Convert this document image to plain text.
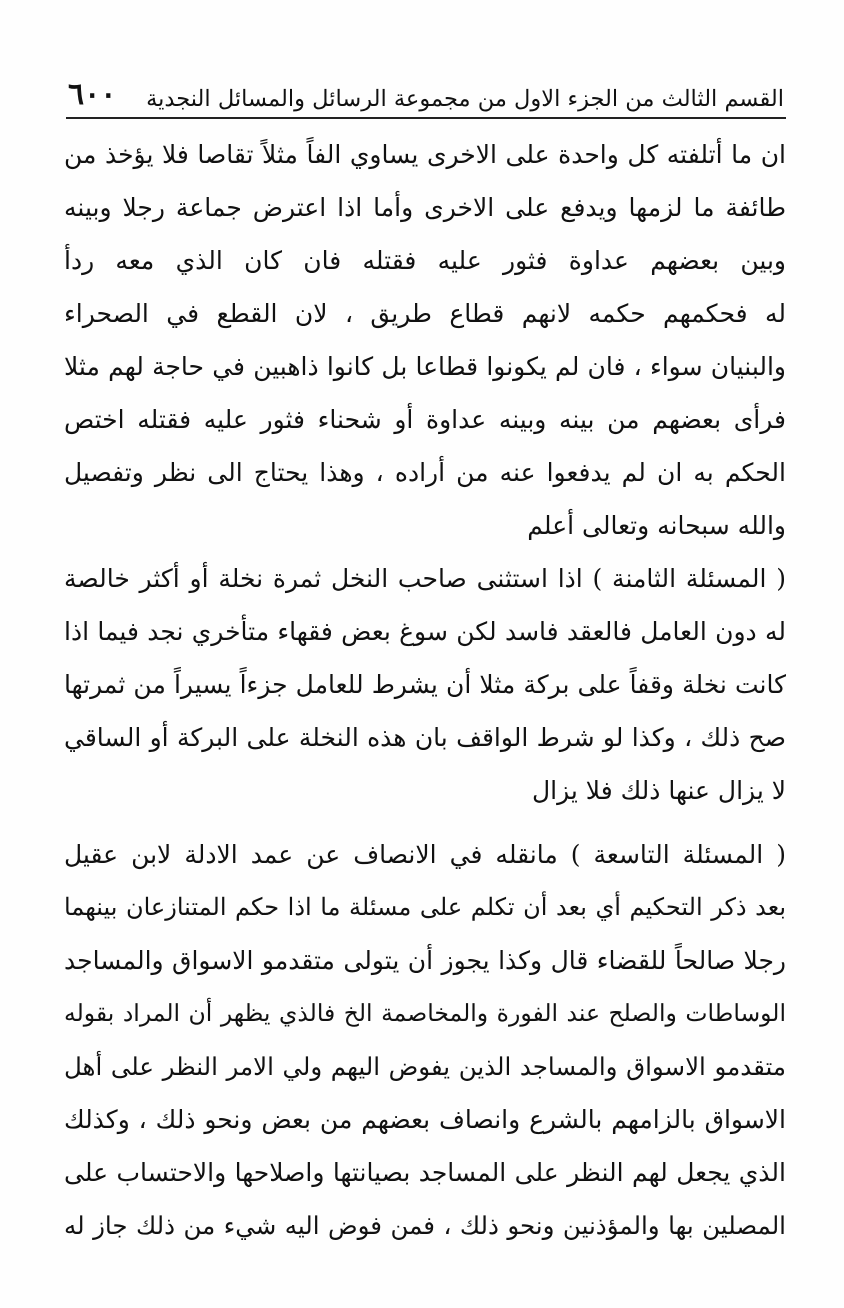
القسم الثالث من الجزء الاول من مجموعة الرسائل والمسائل النجدية
٦٠٠
ان ما أتلفته كل واحدة على الاخرى يساوي الفاً مثلاً تقاصا فلا يؤخذ من
طائفة ما لزمها ويدفع على الاخرى وأما اذا اعترض جماعة رجلا وبينه
وبين بعضهم عداوة فثور عليه فقتله فان كان الذي معه ردأ
له فحكمهم حكمه لانهم قطاع طريق ، لان القطع في الصحراء
والبنيان سواء ، فان لم يكونوا قطاعا بل كانوا ذاهبين في حاجة لهم مثلا
فرأى بعضهم من بينه وبينه عداوة أو شحناء فثور عليه فقتله اختص
الحكم به ان لم يدفعوا عنه من أراده ، وهذا يحتاج الى نظر وتفصيل
والله سبحانه وتعالى أعلم
( المسئلة الثامنة ) اذا استثنى صاحب النخل ثمرة نخلة أو أكثر خالصة
له دون العامل فالعقد فاسد لكن سوغ بعض فقهاء متأخري نجد فيما اذا
كانت نخلة وقفاً على بركة مثلا أن يشرط للعامل جزءاً يسيراً من ثمرتها
صح ذلك ، وكذا لو شرط الواقف بان هذه النخلة على البركة أو الساقي
لا يزال عنها ذلك فلا يزال
( المسئلة التاسعة ) مانقله في الانصاف عن عمد الادلة لابن عقيل
بعد ذكر التحكيم أي بعد أن تكلم على مسئلة ما اذا حكم المتنازعان بينهما
رجلا صالحاً للقضاء قال وكذا يجوز أن يتولى متقدمو الاسواق والمساجد
الوساطات والصلح عند الفورة والمخاصمة الخ فالذي يظهر أن المراد بقوله
متقدمو الاسواق والمساجد الذين يفوض اليهم ولي الامر النظر على أهل
الاسواق بالزامهم بالشرع وانصاف بعضهم من بعض ونحو ذلك ، وكذلك
الذي يجعل لهم النظر على المساجد بصيانتها واصلاحها والاحتساب على
المصلين بها والمؤذنين ونحو ذلك ، فمن فوض اليه شيء من ذلك جاز له
